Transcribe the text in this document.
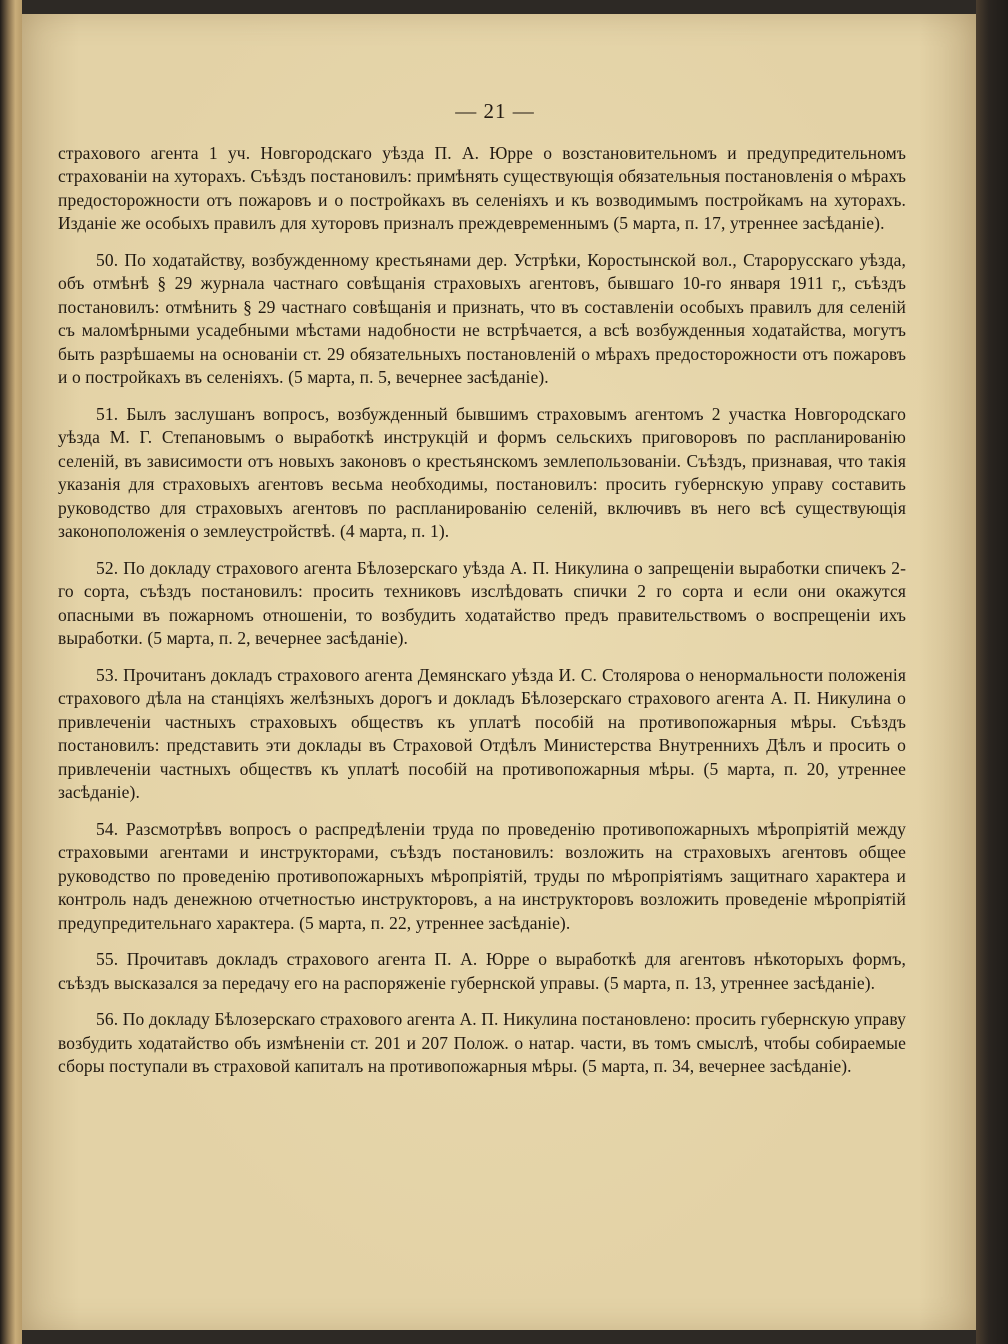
— 21 —

страхового агента 1 уч. Новгородскаго уѣзда П. А. Юрре о возстановительномъ и предупредительномъ страхованіи на хуторахъ. Съѣздъ постановилъ: примѣнять существующія обязательныя постановленія о мѣрахъ предосторожности отъ пожаровъ и о постройкахъ въ селеніяхъ и къ возводимымъ постройкамъ на хуторахъ. Изданіе же особыхъ правилъ для хуторовъ призналъ преждевременнымъ (5 марта, п. 17, утреннее засѣданіе).

50. По ходатайству, возбужденному крестьянами дер. Устрѣки, Коростынской вол., Старорусскаго уѣзда, объ отмѣнѣ § 29 журнала частнаго совѣщанія страховыхъ агентовъ, бывшаго 10-го января 1911 г,, съѣздъ постановилъ: отмѣнить § 29 частнаго совѣщанія и признать, что въ составленіи особыхъ правилъ для селеній съ маломѣрными усадебными мѣстами надобности не встрѣчается, а всѣ возбужденныя ходатайства, могутъ быть разрѣшаемы на основаніи ст. 29 обязательныхъ постановленій о мѣрахъ предосторожности отъ пожаровъ и о постройкахъ въ селеніяхъ. (5 марта, п. 5, вечернее засѣданіе).

51. Былъ заслушанъ вопросъ, возбужденный бывшимъ страховымъ агентомъ 2 участка Новгородскаго уѣзда М. Г. Степановымъ о выработкѣ инструкцій и формъ сельскихъ приговоровъ по распланированію селеній, въ зависимости отъ новыхъ законовъ о крестьянскомъ землепользованіи. Съѣздъ, признавая, что такія указанія для страховыхъ агентовъ весьма необходимы, постановилъ: просить губернскую управу составить руководство для страховыхъ агентовъ по распланированію селеній, включивъ въ него всѣ существующія законоположенія о землеустройствѣ. (4 марта, п. 1).

52. По докладу страхового агента Бѣлозерскаго уѣзда А. П. Никулина о запрещеніи выработки спичекъ 2-го сорта, съѣздъ постановилъ: просить техниковъ изслѣдовать спички 2 го сорта и если они окажутся опасными въ пожарномъ отношеніи, то возбудить ходатайство предъ правительствомъ о воспрещеніи ихъ выработки. (5 марта, п. 2, вечернее засѣданіе).

53. Прочитанъ докладъ страхового агента Демянскаго уѣзда И. С. Столярова о ненормальности положенія страхового дѣла на станціяхъ желѣзныхъ дорогъ и докладъ Бѣлозерскаго страхового агента А. П. Никулина о привлеченіи частныхъ страховыхъ обществъ къ уплатѣ пособій на противопожарныя мѣры. Съѣздъ постановилъ: представить эти доклады въ Страховой Отдѣлъ Министерства Внутреннихъ Дѣлъ и просить о привлеченіи частныхъ обществъ къ уплатѣ пособій на противопожарныя мѣры. (5 марта, п. 20, утреннее засѣданіе).

54. Разсмотрѣвъ вопросъ о распредѣленіи труда по проведенію противопожарныхъ мѣропріятій между страховыми агентами и инструкторами, съѣздъ постановилъ: возложить на страховыхъ агентовъ общее руководство по проведенію противопожарныхъ мѣропріятій, труды по мѣропріятіямъ защитнаго характера и контроль надъ денежною отчетностью инструкторовъ, а на инструкторовъ возложить проведеніе мѣропріятій предупредительнаго характера. (5 марта, п. 22, утреннее засѣданіе).

55. Прочитавъ докладъ страхового агента П. А. Юрре о выработкѣ для агентовъ нѣкоторыхъ формъ, съѣздъ высказался за передачу его на распоряженіе губернской управы. (5 марта, п. 13, утреннее засѣданіе).

56. По докладу Бѣлозерскаго страхового агента А. П. Никулина постановлено: просить губернскую управу возбудить ходатайство объ измѣненіи ст. 201 и 207 Полож. о натар. части, въ томъ смыслѣ, чтобы собираемые сборы поступали въ страховой капиталъ на противопожарныя мѣры. (5 марта, п. 34, вечернее засѣданіе).
